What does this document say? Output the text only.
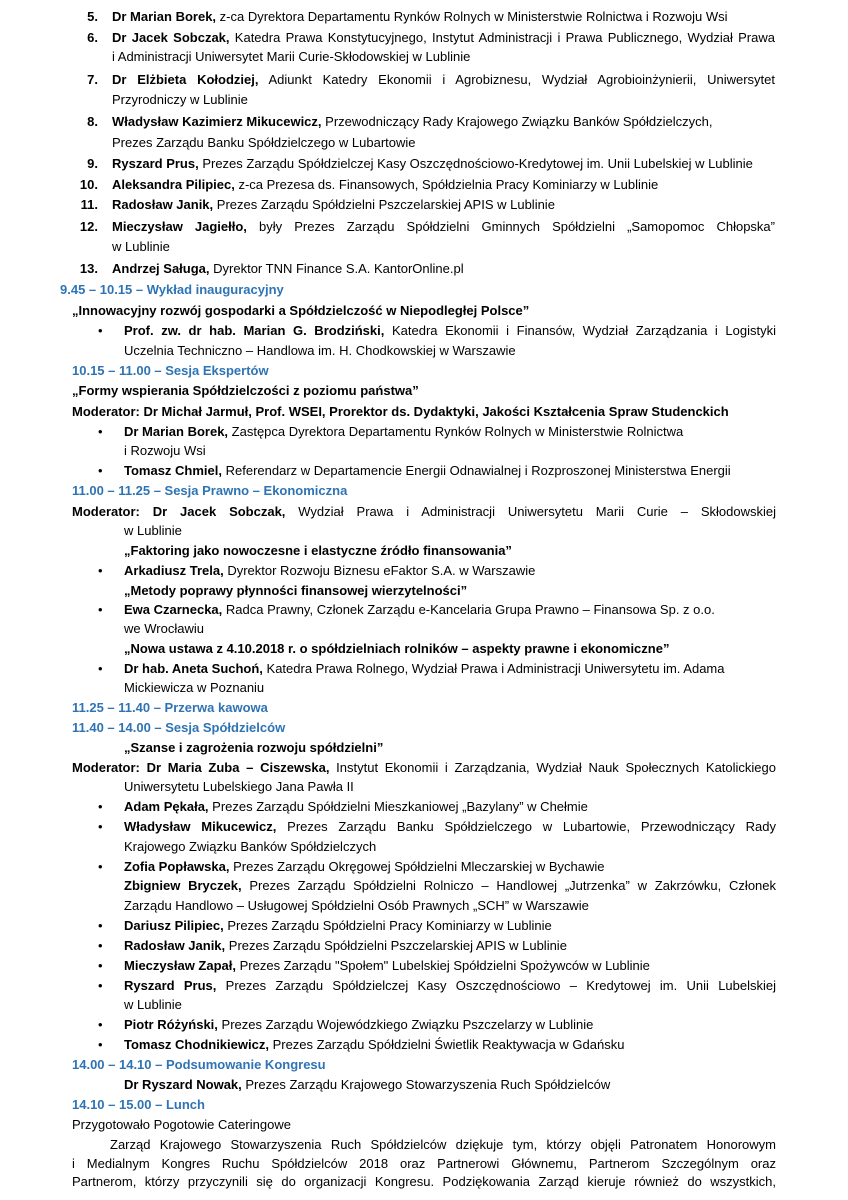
5. Dr Marian Borek, z-ca Dyrektora Departamentu Rynków Rolnych w Ministerstwie Rolnictwa i Rozwoju Wsi
6. Dr Jacek Sobczak, Katedra Prawa Konstytucyjnego, Instytut Administracji i Prawa Publicznego, Wydział Prawa
i Administracji Uniwersytet Marii Curie-Skłodowskiej w Lublinie
7. Dr Elżbieta Kołodziej, Adiunkt Katedry Ekonomii i Agrobiznesu, Wydział Agrobioinżynierii, Uniwersytet
Przyrodniczy w Lublinie
8. Władysław Kazimierz Mikucewicz, Przewodniczący Rady Krajowego Związku Banków Spółdzielczych,
Prezes Zarządu Banku Spółdzielczego w Lubartowie
9. Ryszard Prus, Prezes Zarządu Spółdzielczej Kasy Oszczędnościowo-Kredytowej im. Unii Lubelskiej w Lublinie
10. Aleksandra Pilipiec, z-ca Prezesa ds. Finansowych, Spółdzielnia Pracy Kominiarzy w Lublinie
11. Radosław Janik, Prezes Zarządu Spółdzielni Pszczelarskiej APIS w Lublinie
12. Mieczysław Jagiełło, były Prezes Zarządu Spółdzielni Gminnych Spółdzielni „Samopomoc Chłopska”
w Lublinie
13. Andrzej Saługa, Dyrektor TNN Finance S.A. KantorOnline.pl
9.45 – 10.15 – Wykład inauguracyjny
„Innowacyjny rozwój gospodarki a Spółdzielczość w Niepodległej Polsce”
• Prof. zw. dr hab. Marian G. Brodziński, Katedra Ekonomii i Finansów, Wydział Zarządzania i Logistyki
Uczelnia Techniczno – Handlowa im. H. Chodkowskiej w Warszawie
10.15 – 11.00 – Sesja Ekspertów
„Formy wspierania Spółdzielczości z poziomu państwa”
Moderator: Dr Michał Jarmuł, Prof. WSEI, Prorektor ds. Dydaktyki, Jakości Kształcenia Spraw Studenckich
• Dr Marian Borek, Zastępca Dyrektora Departamentu Rynków Rolnych w Ministerstwie Rolnictwa
i Rozwoju Wsi
• Tomasz Chmiel, Referendarz w Departamencie Energii Odnawialnej i Rozproszonej Ministerstwa Energii
11.00 – 11.25 – Sesja Prawno – Ekonomiczna
Moderator: Dr Jacek Sobczak, Wydział Prawa i Administracji Uniwersytetu Marii Curie – Skłodowskiej
w Lublinie
„Faktoring jako nowoczesne i elastyczne źródło finansowania”
• Arkadiusz Trela, Dyrektor Rozwoju Biznesu eFaktor S.A. w Warszawie
„Metody poprawy płynności finansowej wierzytelności”
• Ewa Czarnecka, Radca Prawny, Członek Zarządu e-Kancelaria Grupa Prawno – Finansowa Sp. z o.o.
we Wrocławiu
„Nowa ustawa z 4.10.2018 r. o spółdzielniach rolników – aspekty prawne i ekonomiczne”
• Dr hab. Aneta Suchoń, Katedra Prawa Rolnego, Wydział Prawa i Administracji Uniwersytetu im. Adama
Mickiewicza w Poznaniu
11.25 – 11.40 – Przerwa kawowa
11.40 – 14.00 – Sesja Spółdzielców
„Szanse i zagrożenia rozwoju spółdzielni”
Moderator: Dr Maria Zuba – Ciszewska, Instytut Ekonomii i Zarządzania, Wydział Nauk Społecznych Katolickiego
Uniwersytetu Lubelskiego Jana Pawła II
• Adam Pękała, Prezes Zarządu Spółdzielni Mieszkaniowej „Bazylany” w Chełmie
• Władysław Mikucewicz, Prezes Zarządu Banku Spółdzielczego w Lubartowie, Przewodniczący Rady
Krajowego Związku Banków Spółdzielczych
• Zofia Popławska, Prezes Zarządu Okręgowej Spółdzielni Mleczarskiej w Bychawie
Zbigniew Bryczek, Prezes Zarządu Spółdzielni Rolniczo – Handlowej „Jutrzenka” w Zakrzówku, Członek
Zarządu Handlowo – Usługowej Spółdzielni Osób Prawnych „SCH” w Warszawie
• Dariusz Pilipiec, Prezes Zarządu Spółdzielni Pracy Kominiarzy w Lublinie
• Radosław Janik, Prezes Zarządu Spółdzielni Pszczelarskiej APIS w Lublinie
• Mieczysław Zapał, Prezes Zarządu "Społem" Lubelskiej Spółdzielni Spożywców w Lublinie
• Ryszard Prus, Prezes Zarządu Spółdzielczej Kasy Oszczędnościowo – Kredytowej im. Unii Lubelskiej
w Lublinie
• Piotr Różyński, Prezes Zarządu Wojewódzkiego Związku Pszczelarzy w Lublinie
• Tomasz Chodnikiewicz, Prezes Zarządu Spółdzielni Świetlik Reaktywacja w Gdańsku
14.00 – 14.10 – Podsumowanie Kongresu
Dr Ryszard Nowak, Prezes Zarządu Krajowego Stowarzyszenia Ruch Spółdzielców
14.10 – 15.00 – Lunch
Przygotowało Pogotowie Cateringowe
Zarząd Krajowego Stowarzyszenia Ruch Spółdzielców dziękuje tym, którzy objęli Patronatem Honorowym
i Medialnym Kongres Ruchu Spółdzielców 2018 oraz Partnerowi Głównemu, Partnerom Szczególnym oraz
Partnerom, którzy przyczynili się do organizacji Kongresu. Podziękowania Zarząd kieruje również do wszystkich,
